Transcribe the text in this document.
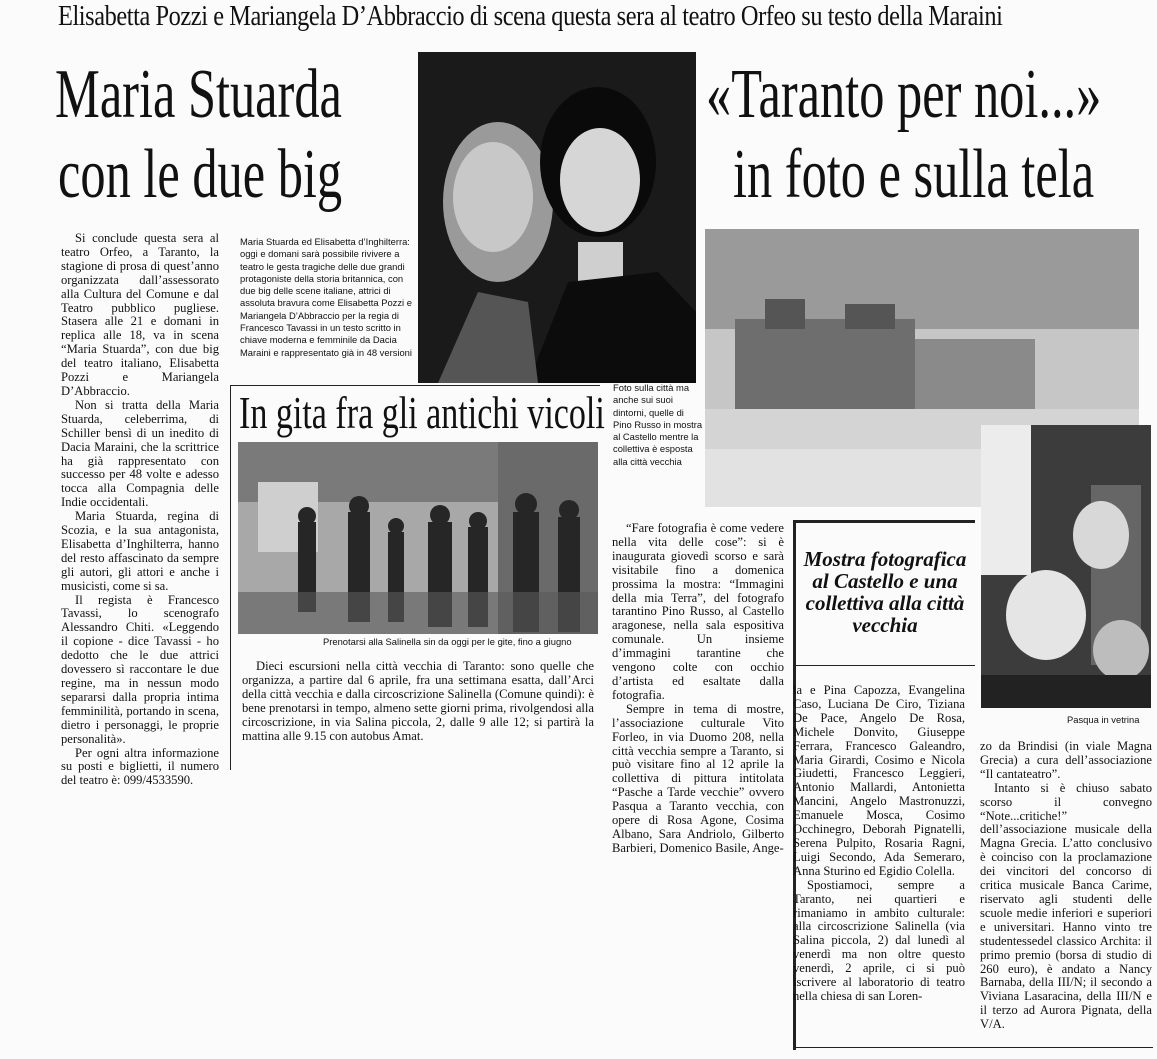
Elisabetta Pozzi e Mariangela D’Abbraccio di scena questa sera al teatro Orfeo su testo della Maraini
Maria Stuarda
con le due big
Maria Stuarda ed Elisabetta d’Inghilterra: oggi e domani sarà possibile rivivere a teatro le gesta tragiche delle due grandi protagoniste della storia britannica, con due big delle scene italiane, attrici di assoluta bravura come Elisabetta Pozzi e Mariangela D’Abbraccio per la regia di Francesco Tavassi in un testo scritto in chiave moderna e femminile da Dacia Maraini e rappresentato già in 48 versioni

Si conclude questa sera al teatro Orfeo, a Taranto, la stagione di prosa di quest’anno organizzata dall’assessorato alla Cultura del Comune e dal Teatro pubblico pugliese. Stasera alle 21 e domani in replica alle 18, va in scena “Maria Stuarda”, con due big del teatro italiano, Elisabetta Pozzi e Mariangela D’Abbraccio.

Non si tratta della Maria Stuarda, celeberrima, di Schiller bensì di un inedito di Dacia Maraini, che la scrittrice ha già rappresentato con successo per 48 volte e adesso tocca alla Compagnia delle Indie occidentali.

Maria Stuarda, regina di Scozia, e la sua antagonista, Elisabetta d’Inghilterra, hanno del resto affascinato da sempre gli autori, gli attori e anche i musicisti, come si sa.

Il regista è Francesco Tavassi, lo scenografo Alessandro Chiti. «Leggendo il copione - dice Tavassi - ho dedotto che le due attrici dovessero sì raccontare le due regine, ma in nessun modo separarsi dalla propria intima femminilità, portando in scena, dietro i personaggi, le proprie personalità».

Per ogni altra informazione su posti e biglietti, il numero del teatro è: 099/4533590.

In gita fra gli antichi vicoli
Prenotarsi alla Salinella sin da oggi per le gite, fino a giugno

Dieci escursioni nella città vecchia di Taranto: sono quelle che organizza, a partire dal 6 aprile, fra una settimana esatta, dall’Arci della città vecchia e dalla circoscrizione Salinella (Comune quindi): è bene prenotarsi in tempo, almeno sette giorni prima, rivolgendosi alla circoscrizione, in via Salina piccola, 2, dalle 9 alle 12; si partirà la mattina alle 9.15 con autobus Amat.

«Taranto per noi...»
in foto e sulla tela
Foto sulla città ma anche sui suoi dintorni, quelle di Pino Russo in mostra al Castello mentre la collettiva è esposta alla città vecchia
Pasqua in vetrina
Mostra fotografica al Castello e una collettiva alla città vecchia

“Fare fotografia è come vedere nella vita delle cose”: si è inaugurata giovedì scorso e sarà visitabile fino a domenica prossima la mostra: “Immagini della mia Terra”, del fotografo tarantino Pino Russo, al Castello aragonese, nella sala espositiva comunale. Un insieme d’immagini tarantine che vengono colte con occhio d’artista ed esaltate dalla fotografia.

Sempre in tema di mostre, l’associazione culturale Vito Forleo, in via Duomo 208, nella città vecchia sempre a Taranto, si può visitare fino al 12 aprile la collettiva di pittura intitolata “Pasche a Tarde vecchie” ovvero Pasqua a Taranto vecchia, con opere di Rosa Agone, Cosima Albano, Sara Andriolo, Gilberto Barbieri, Domenico Basile, Ange-

la e Pina Capozza, Evangelina Caso, Luciana De Ciro, Tiziana De Pace, Angelo De Rosa, Michele Donvito, Giuseppe Ferrara, Francesco Galeandro, Maria Girardi, Cosimo e Nicola Giudetti, Francesco Leggieri, Antonio Mallardi, Antonietta Mancini, Angelo Mastronuzzi, Emanuele Mosca, Cosimo Occhinegro, Deborah Pignatelli, Serena Pulpito, Rosaria Ragni, Luigi Secondo, Ada Semeraro, Anna Sturino ed Egidio Colella.

Spostiamoci, sempre a Taranto, nei quartieri e rimaniamo in ambito culturale: alla circoscrizione Salinella (via Salina piccola, 2) dal lunedì al venerdì ma non oltre questo venerdì, 2 aprile, ci si può iscrivere al laboratorio di teatro nella chiesa di san Loren-

zo da Brindisi (in viale Magna Grecia) a cura dell’associazione “Il cantateatro”.

Intanto si è chiuso sabato scorso il convegno “Note...critiche!” dell’associazione musicale della Magna Grecia. L’atto conclusivo è coinciso con la proclamazione dei vincitori del concorso di critica musicale Banca Carime, riservato agli studenti delle scuole medie inferiori e superiori e universitari. Hanno vinto tre studentessedel classico Archita: il primo premio (borsa di studio di 260 euro), è andato a Nancy Barnaba, della III/N; il secondo a Viviana Lasaracina, della III/N e il terzo ad Aurora Pignata, della V/A.
